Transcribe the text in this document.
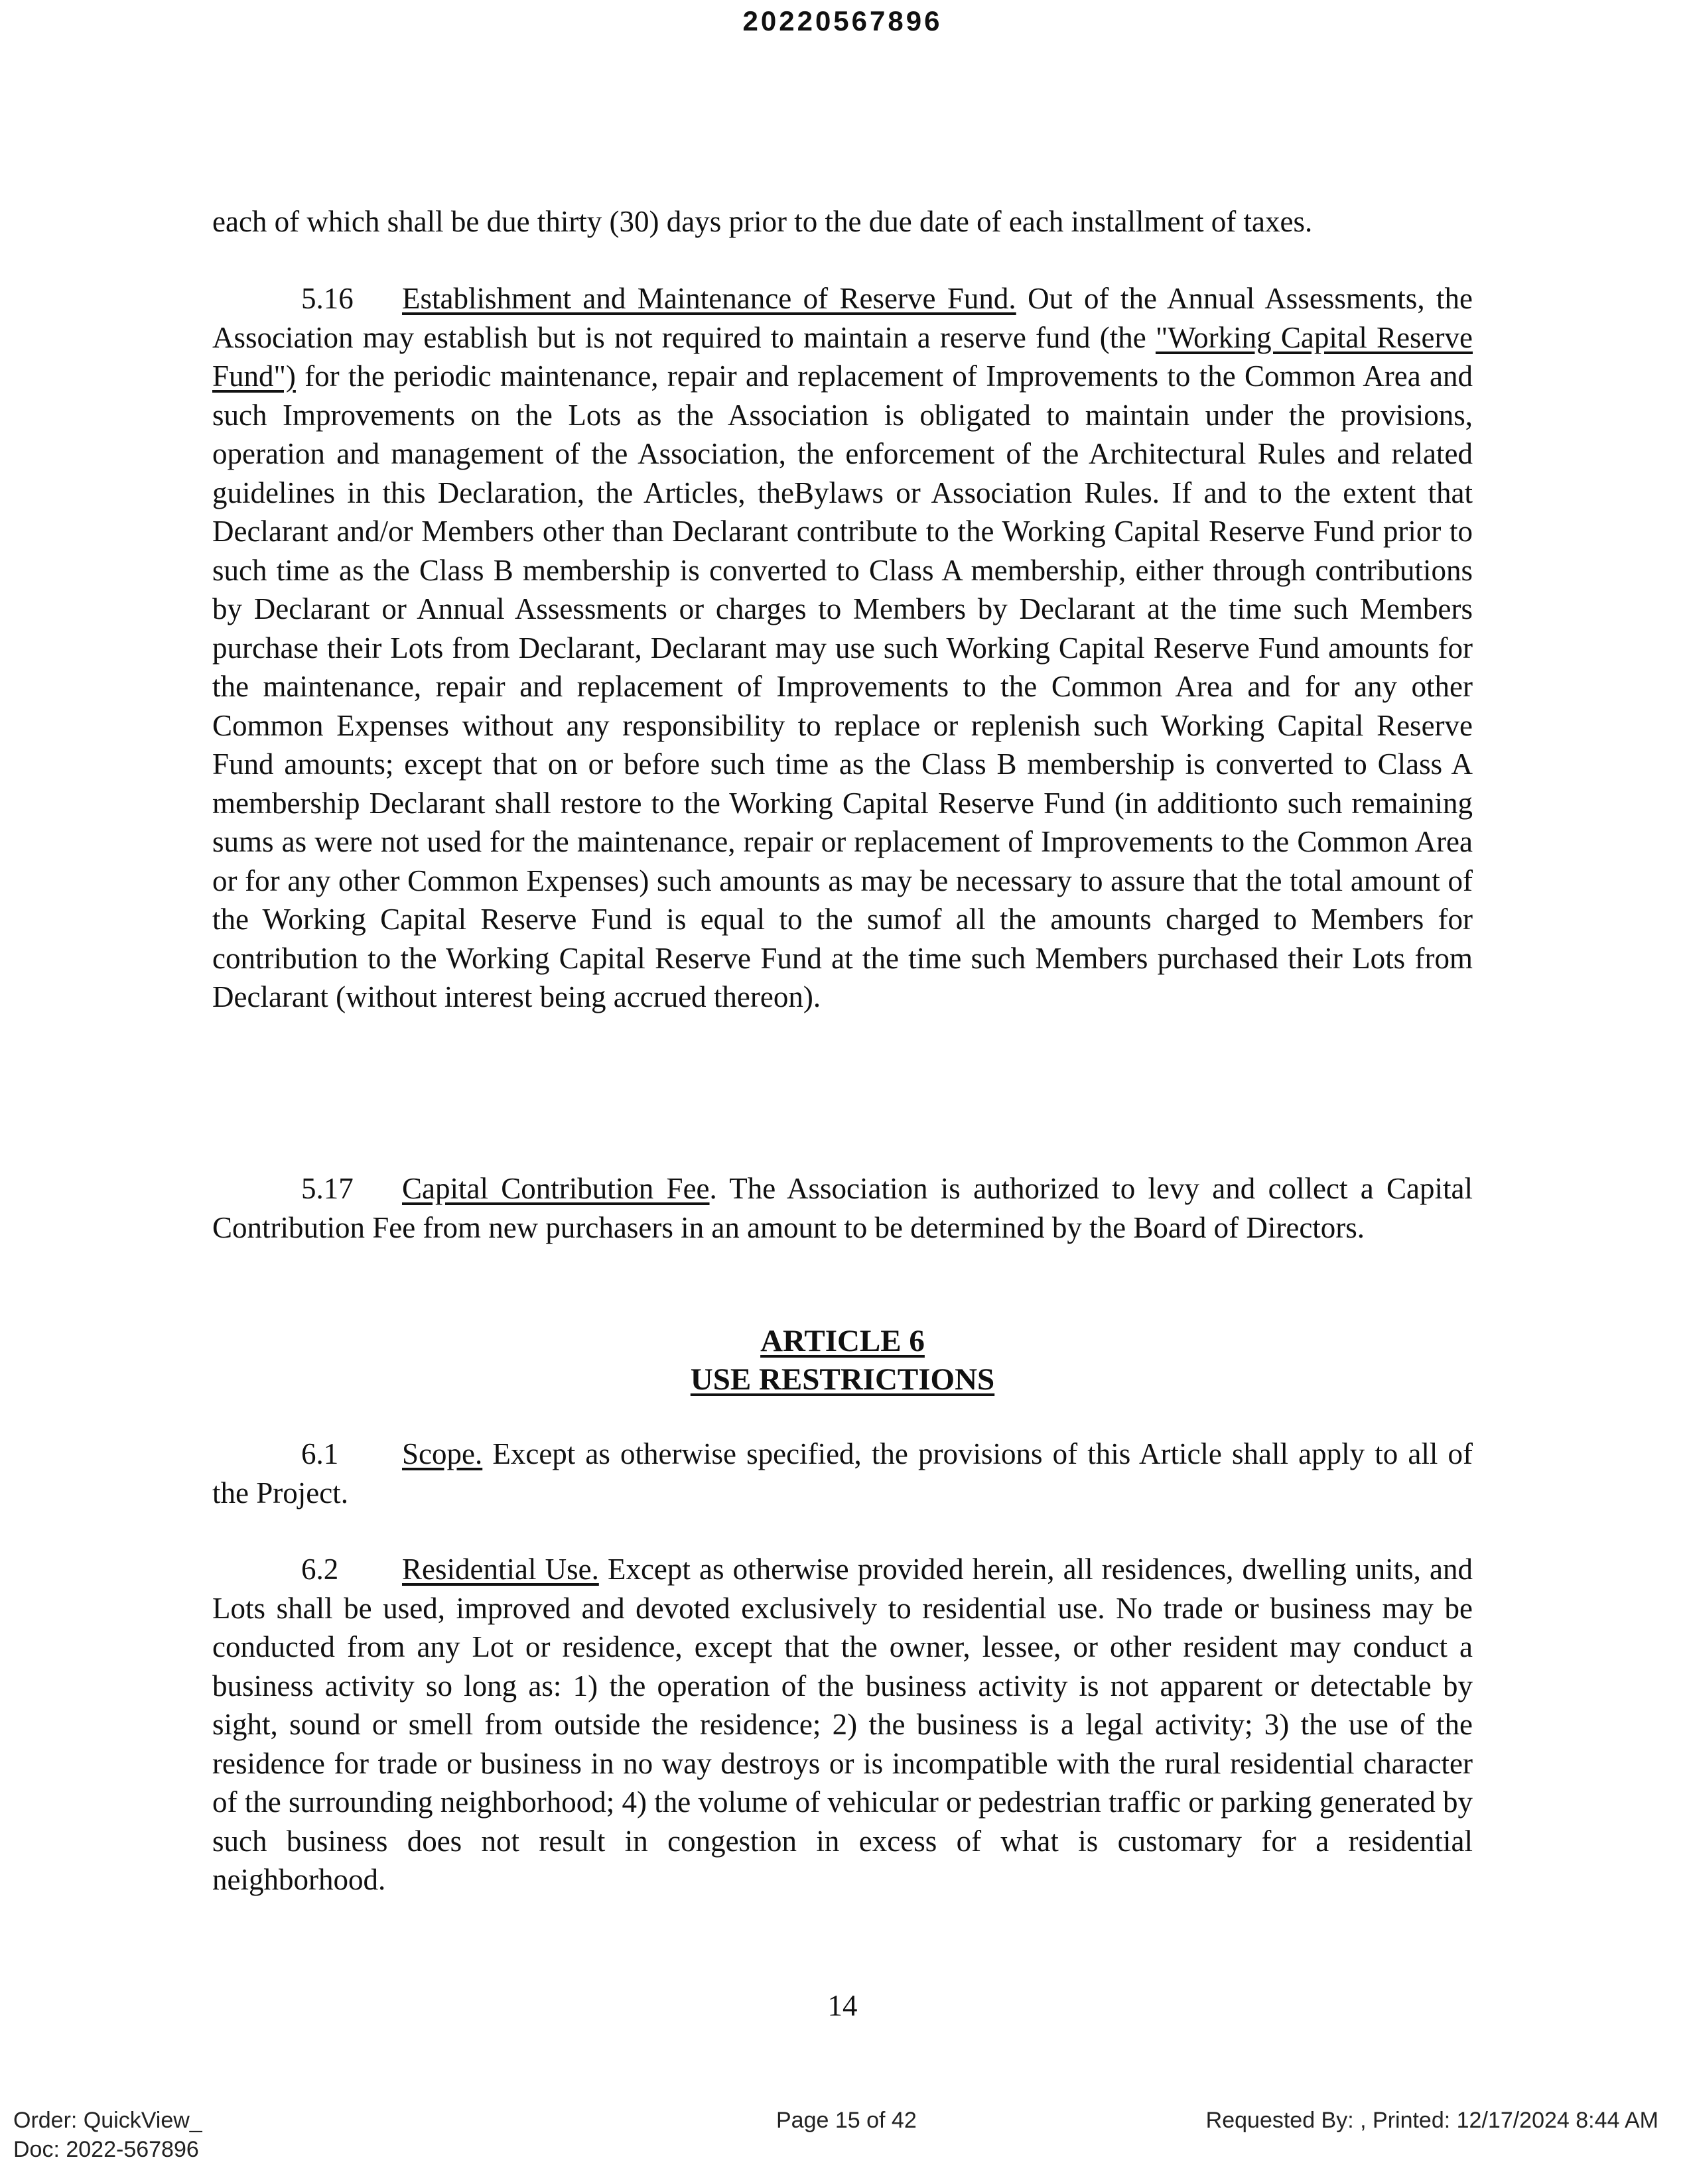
20220567896
each of which shall be due thirty (30) days prior to the due date of each installment of taxes.
5.16 Establishment and Maintenance of Reserve Fund. Out of the Annual Assessments, the Association may establish but is not required to maintain a reserve fund (the "Working Capital Reserve Fund") for the periodic maintenance, repair and replacement of Improvements to the Common Area and such Improvements on the Lots as the Association is obligated to maintain under the provisions, operation and management of the Association, the enforcement of the Architectural Rules and related guidelines in this Declaration, the Articles, theBylaws or Association Rules. If and to the extent that Declarant and/or Members other than Declarant contribute to the Working Capital Reserve Fund prior to such time as the Class B membership is converted to Class A membership, either through contributions by Declarant or Annual Assessments or charges to Members by Declarant at the time such Members purchase their Lots from Declarant, Declarant may use such Working Capital Reserve Fund amounts for the maintenance, repair and replacement of Improvements to the Common Area and for any other Common Expenses without any responsibility to replace or replenish such Working Capital Reserve Fund amounts; except that on or before such time as the Class B membership is converted to Class A membership Declarant shall restore to the Working Capital Reserve Fund (in additionto such remaining sums as were not used for the maintenance, repair or replacement of Improvements to the Common Area or for any other Common Expenses) such amounts as may be necessary to assure that the total amount of the Working Capital Reserve Fund is equal to the sumof all the amounts charged to Members for contribution to the Working Capital Reserve Fund at the time such Members purchased their Lots from Declarant (without interest being accrued thereon).
5.17 Capital Contribution Fee. The Association is authorized to levy and collect a Capital Contribution Fee from new purchasers in an amount to be determined by the Board of Directors.
ARTICLE 6
USE RESTRICTIONS
6.1 Scope. Except as otherwise specified, the provisions of this Article shall apply to all of the Project.
6.2 Residential Use. Except as otherwise provided herein, all residences, dwelling units, and Lots shall be used, improved and devoted exclusively to residential use. No trade or business may be conducted from any Lot or residence, except that the owner, lessee, or other resident may conduct a business activity so long as: 1) the operation of the business activity is not apparent or detectable by sight, sound or smell from outside the residence; 2) the business is a legal activity; 3) the use of the residence for trade or business in no way destroys or is incompatible with the rural residential character of the surrounding neighborhood; 4) the volume of vehicular or pedestrian traffic or parking generated by such business does not result in congestion in excess of what is customary for a residential neighborhood.
14
Order: QuickView_
Doc: 2022-567896
Page 15 of 42	Requested By: , Printed: 12/17/2024 8:44 AM
